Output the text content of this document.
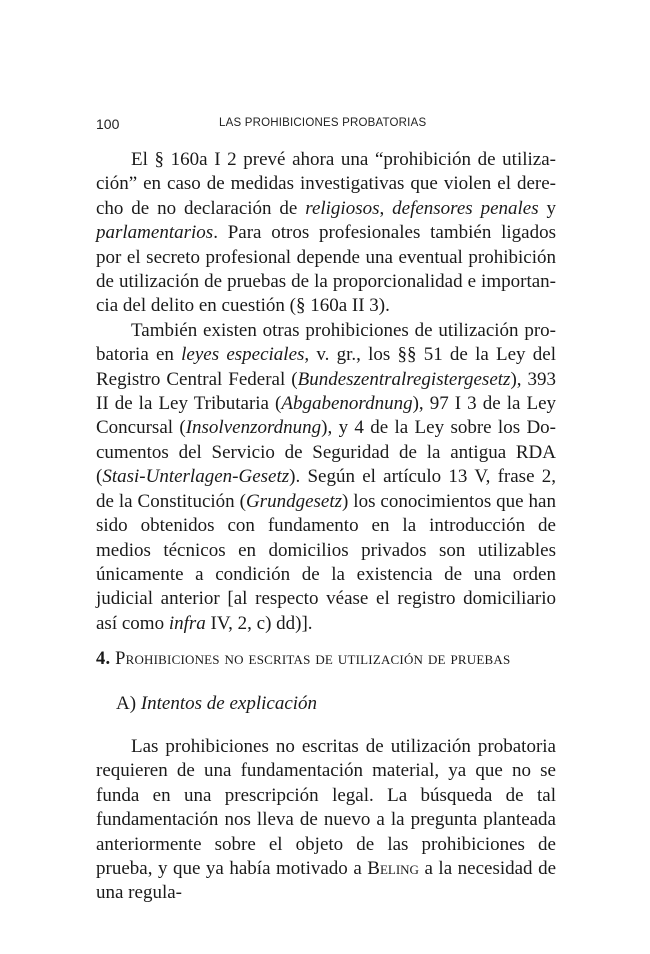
100	LAS PROHIBICIONES PROBATORIAS

El § 160a I 2 prevé ahora una “prohibición de utilización” en caso de medidas investigativas que violen el derecho de no declaración de religiosos, defensores penales y parlamentarios. Para otros profesionales también ligados por el secreto profesional depende una eventual prohibición de utilización de pruebas de la proporcionalidad e importancia del delito en cuestión (§ 160a II 3).

También existen otras prohibiciones de utilización probatoria en leyes especiales, v. gr., los §§ 51 de la Ley del Registro Central Federal (Bundeszentralregistergesetz), 393 II de la Ley Tributaria (Abgabenordnung), 97 I 3 de la Ley Concursal (Insolvenzordnung), y 4 de la Ley sobre los Documentos del Servicio de Seguridad de la antigua RDA (Stasi-Unterlagen-Gesetz). Según el artículo 13 V, frase 2, de la Constitución (Grundgesetz) los conocimientos que han sido obtenidos con fundamento en la introducción de medios técnicos en domicilios privados son utilizables únicamente a condición de la existencia de una orden judicial anterior [al respecto véase el registro domiciliario así como infra IV, 2, c) dd)].

4. Prohibiciones no escritas de utilización de pruebas
A) Intentos de explicación

Las prohibiciones no escritas de utilización probatoria requieren de una fundamentación material, ya que no se funda en una prescripción legal. La búsqueda de tal fundamentación nos lleva de nuevo a la pregunta planteada anteriormente sobre el objeto de las prohibiciones de prueba, y que ya había motivado a Beling a la necesidad de una regula-
